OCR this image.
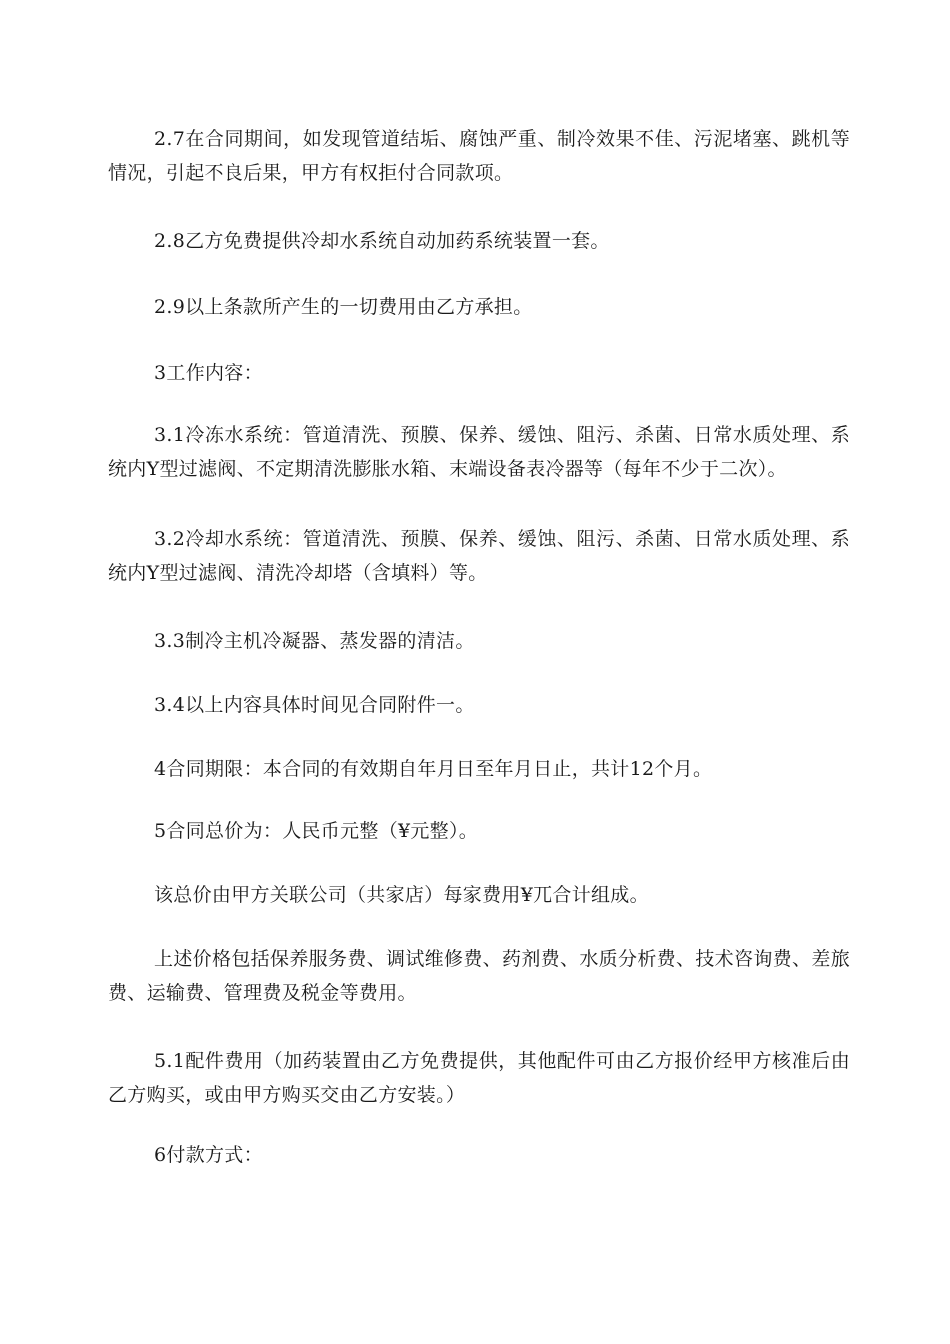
2.7在合同期间，如发现管道结垢、腐蚀严重、制冷效果不佳、污泥堵塞、跳机等情况，引起不良后果，甲方有权拒付合同款项。

2.8乙方免费提供冷却水系统自动加药系统装置一套。

2.9以上条款所产生的一切费用由乙方承担。

3工作内容：

3.1冷冻水系统：管道清洗、预膜、保养、缓蚀、阻污、杀菌、日常水质处理、系统内Y型过滤阀、不定期清洗膨胀水箱、末端设备表冷器等（每年不少于二次）。

3.2冷却水系统：管道清洗、预膜、保养、缓蚀、阻污、杀菌、日常水质处理、系统内Y型过滤阀、清洗冷却塔（含填料）等。

3.3制冷主机冷凝器、蒸发器的清洁。

3.4以上内容具体时间见合同附件一。

4合同期限：本合同的有效期自年月日至年月日止，共计12个月。

5合同总价为：人民币元整（¥元整）。

该总价由甲方关联公司（共家店）每家费用¥兀合计组成。

上述价格包括保养服务费、调试维修费、药剂费、水质分析费、技术咨询费、差旅费、运输费、管理费及税金等费用。

5.1配件费用（加药装置由乙方免费提供，其他配件可由乙方报价经甲方核准后由乙方购买，或由甲方购买交由乙方安装。）

6付款方式：
